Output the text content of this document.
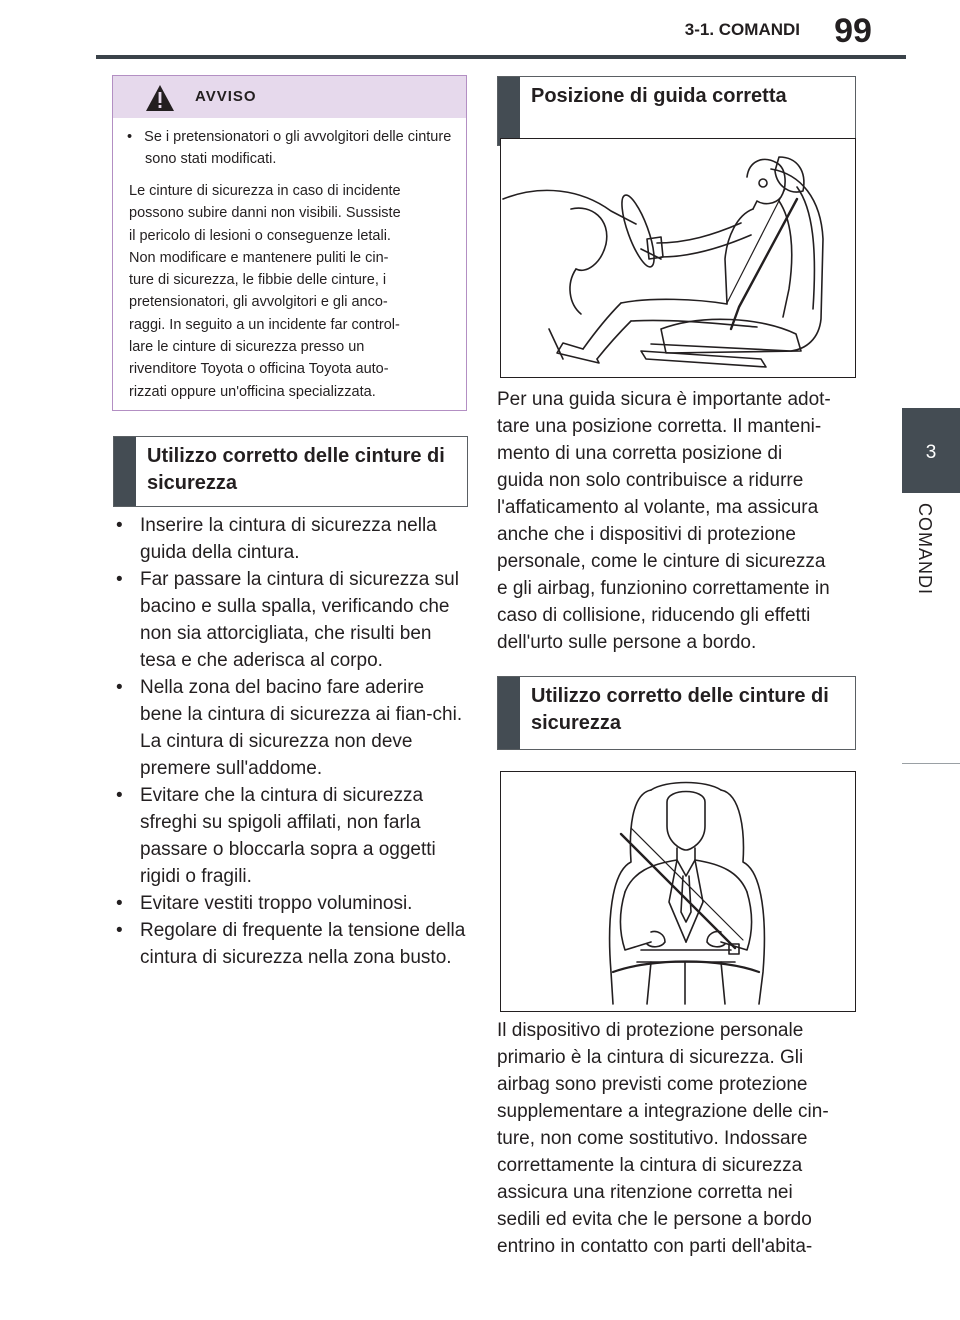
3-1. COMANDI	99
3
COMANDI
AVVISO
•   Se i pretensionatori o gli avvolgitori delle cinture sono stati modificati.
Le cinture di sicurezza in caso di incidente
possono subire danni non visibili. Sussiste
il pericolo di lesioni o conseguenze letali.
Non modificare e mantenere puliti le cin-
ture di sicurezza, le fibbie delle cinture, i
pretensionatori, gli avvolgitori e gli anco-
raggi. In seguito a un incidente far control-
lare le cinture di sicurezza presso un
rivenditore Toyota o officina Toyota auto-
rizzati oppure un'officina specializzata.
Utilizzo corretto delle cinture di sicurezza
• Inserire la cintura di sicurezza nella guida della cintura.
• Far passare la cintura di sicurezza sul bacino e sulla spalla, verificando che non sia attorcigliata, che risulti ben tesa e che aderisca al corpo.
• Nella zona del bacino fare aderire bene la cintura di sicurezza ai fian-chi. La cintura di sicurezza non deve premere sull'addome.
• Evitare che la cintura di sicurezza sfreghi su spigoli affilati, non farla passare o bloccarla sopra a oggetti rigidi o fragili.
• Evitare vestiti troppo voluminosi.
• Regolare di frequente la tensione della cintura di sicurezza nella zona busto.
Posizione di guida corretta
Per una guida sicura è importante adot-
tare una posizione corretta. Il manteni-
mento di una corretta posizione di
guida non solo contribuisce a ridurre
l'affaticamento al volante, ma assicura
anche che i dispositivi di protezione
personale, come le cinture di sicurezza
e gli airbag, funzionino correttamente in
caso di collisione, riducendo gli effetti
dell'urto sulle persone a bordo.
Utilizzo corretto delle cinture di sicurezza
Il dispositivo di protezione personale
primario è la cintura di sicurezza. Gli
airbag sono previsti come protezione
supplementare a integrazione delle cin-
ture, non come sostitutivo. Indossare
correttamente la cintura di sicurezza
assicura una ritenzione corretta nei
sedili ed evita che le persone a bordo
entrino in contatto con parti dell'abita-
